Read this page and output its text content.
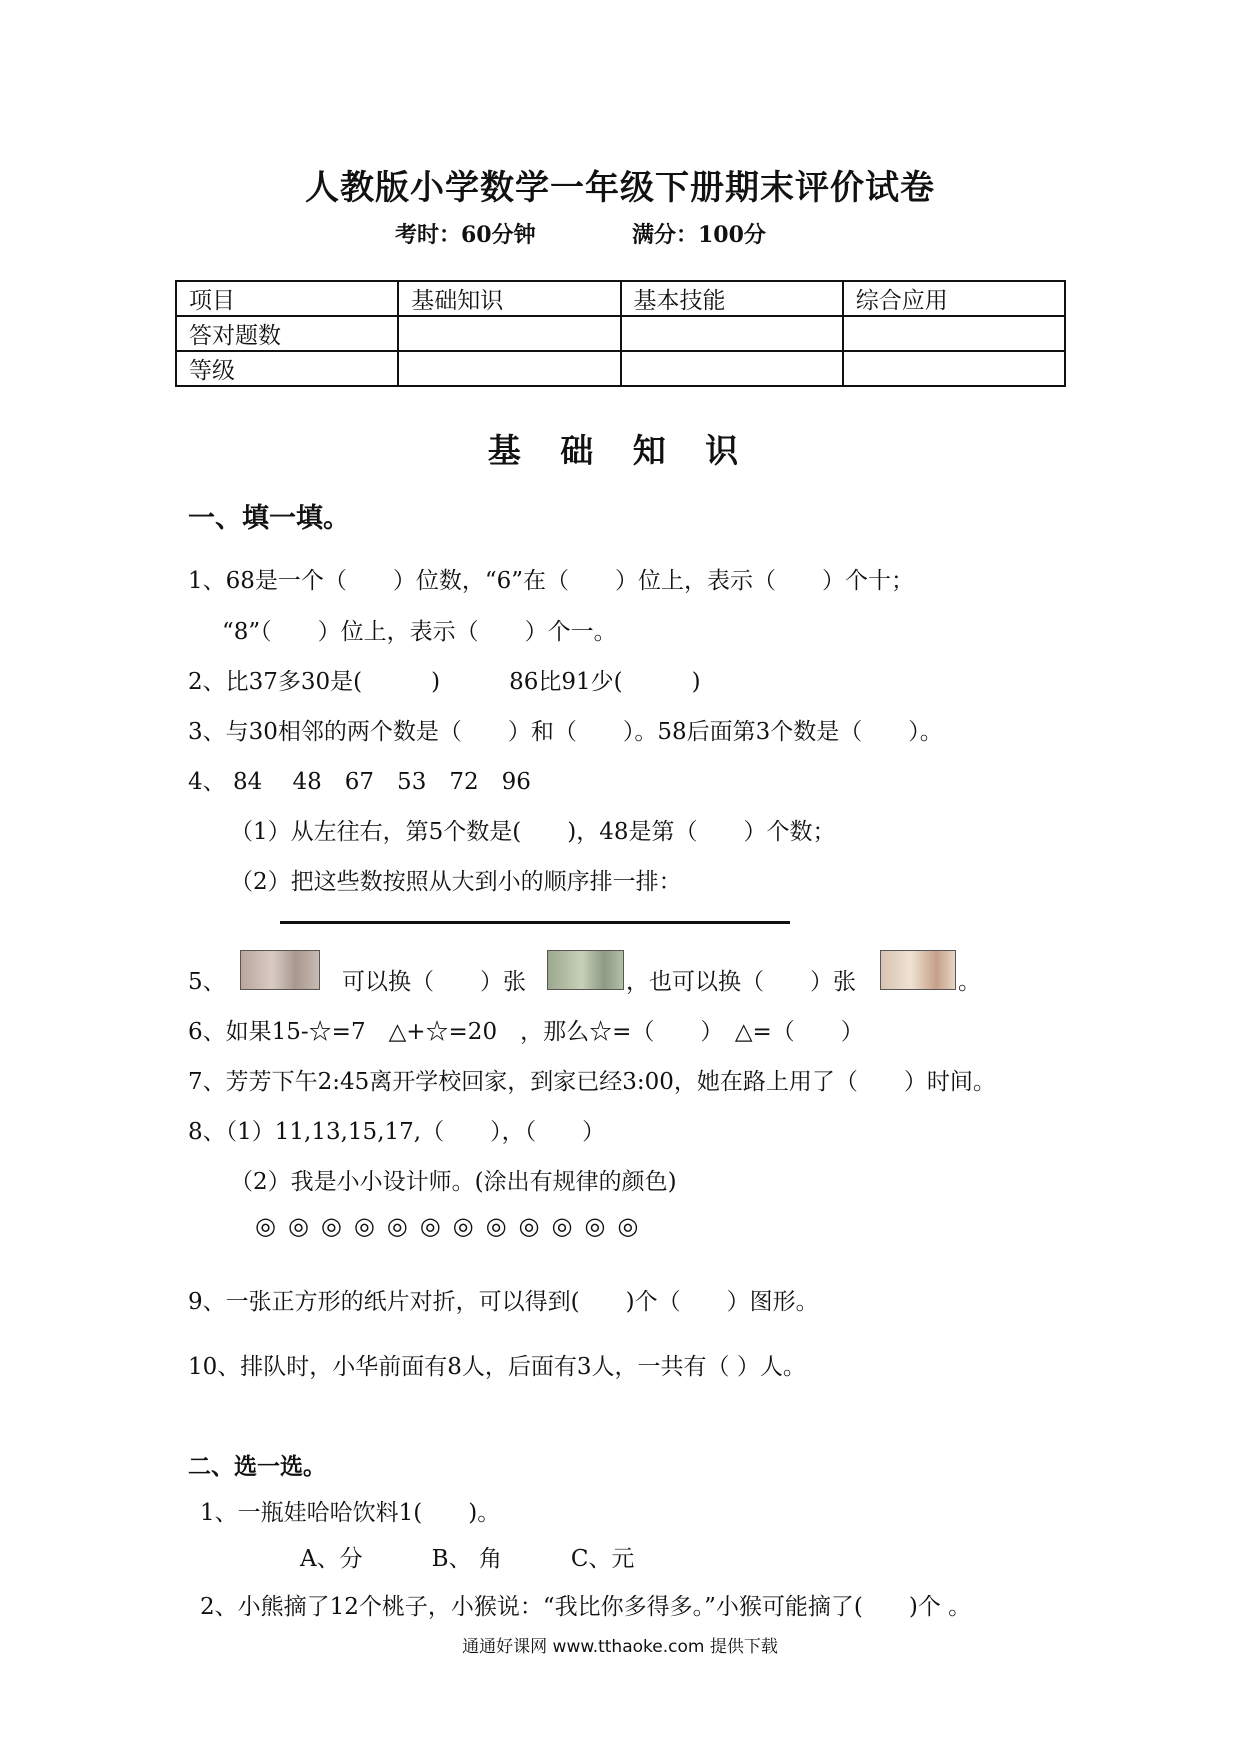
人教版小学数学一年级下册期末评价试卷
考时：60分钟	满分：100分
项目	基础知识	基本技能	综合应用
答对题数			
等级			
基 础 知 识
一、填一填。
1、68是一个（　　）位数，“6”在（　　）位上，表示（　　）个十；
“8”（　　）位上，表示（　　）个一。
2、比37多30是(　　　)　　　86比91少(　　　)
3、与30相邻的两个数是（　　）和（　　）。58后面第3个数是（　　）。
4、 84　 48　67　53　72　96
（1）从左往右，第5个数是(　　)，48是第（　　）个数；
（2）把这些数按照从大到小的顺序排一排：
5、	可以换（　　）张	，也可以换（　　）张	。
6、如果15-☆=7　△+☆=20　，那么☆=（　　）　△=（　　）
7、芳芳下午2:45离开学校回家，到家已经3:00，她在路上用了（　　）时间。
8、（1）11,13,15,17,（　　），（　　）
（2）我是小小设计师。(涂出有规律的颜色)
◎◎◎◎◎◎◎◎◎◎◎◎
9、一张正方形的纸片对折，可以得到(　　)个（　　）图形。
10、排队时，小华前面有8人，后面有3人，一共有（ ）人。
二、选一选。
1、一瓶娃哈哈饮料1(　　)。
A、分　　　B、 角　　　C、元
2、小熊摘了12个桃子，小猴说：“我比你多得多。”小猴可能摘了(　　)个 。
通通好课网 www.tthaoke.com 提供下载
